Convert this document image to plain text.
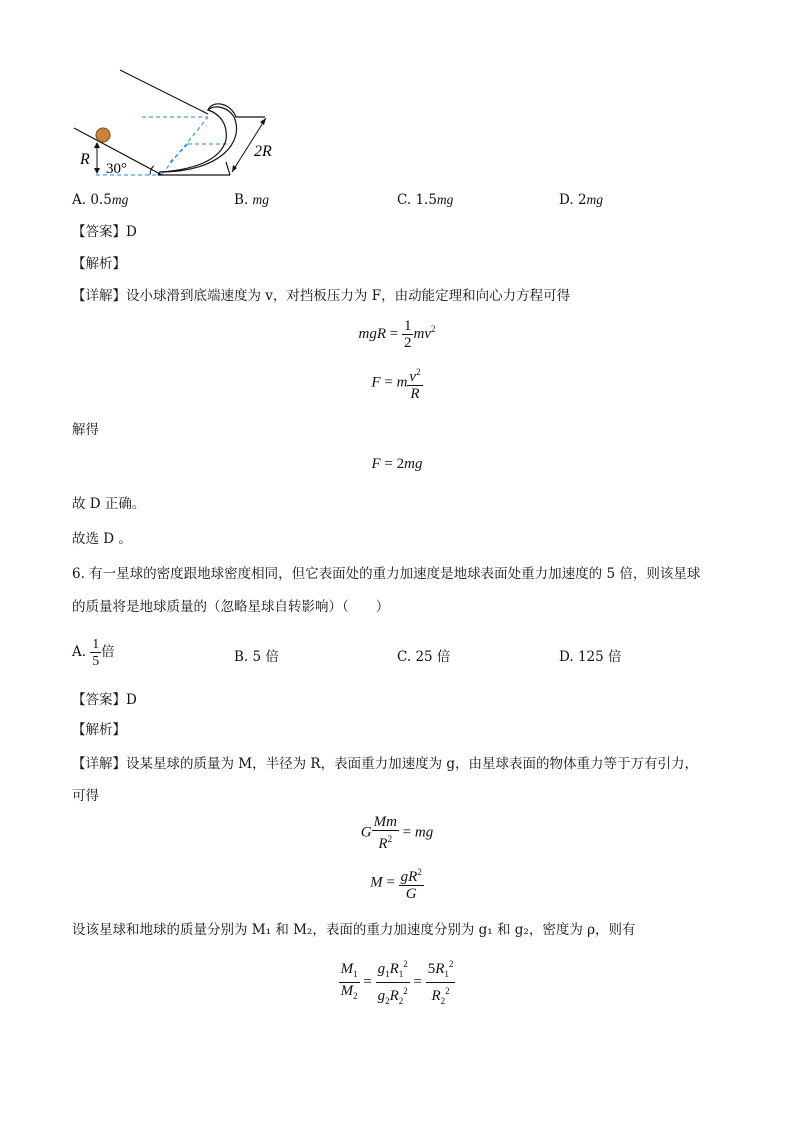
R
30°
2R
A. 0.5mg	B. mg	C. 1.5mg	D. 2mg
【答案】D
【解析】
【详解】设小球滑到底端速度为 v，对挡板压力为 F，由动能定理和向心力方程可得
mgR = $\frac{1}{2} mv^2$
F = m $\frac{v^2}{R}$
解得
F = 2mg
故 D 正确。
故选 D 。
6. 有一星球的密度跟地球密度相同，但它表面处的重力加速度是地球表面处重力加速度的 5 倍，则该星球
的质量将是地球质量的（忽略星球自转影响）（　　）
A. $\frac{1}{5}$ 倍	B. 5 倍	C. 25 倍	D. 125 倍
【答案】D
【解析】
【详解】设某星球的质量为 M，半径为 R，表面重力加速度为 g，由星球表面的物体重力等于万有引力，
可得
G $\frac{Mm}{R^2}$ = mg
$M = \frac{gR^2}{G}$
设该星球和地球的质量分别为 M₁ 和 M₂，表面的重力加速度分别为 g₁ 和 g₂，密度为 ρ，则有
$\frac{M_1}{M_2} = \frac{g_1R_1^2}{g_2R_2^2} = \frac{5R_1^2}{R_2^2}$
